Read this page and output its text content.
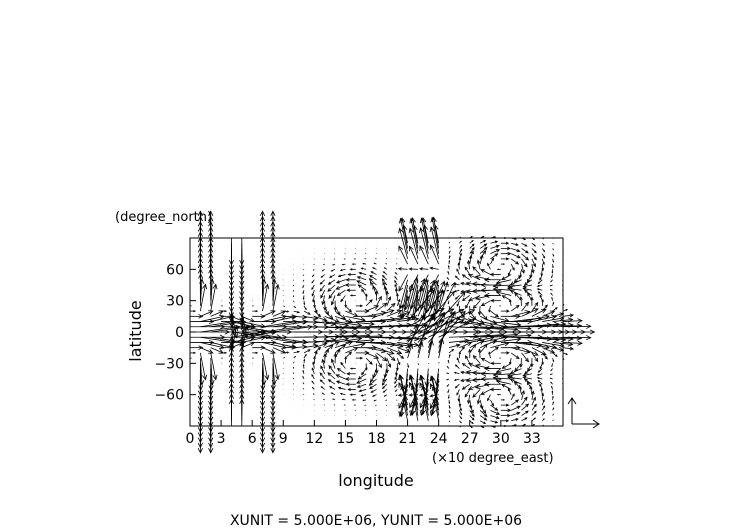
(degree_north)
latitude
(×10 degree_east)
longitude
XUNIT = 5.000E+06, YUNIT = 5.000E+06
0 3 6 9 12 15 18 21 24 27 30 33
60
30
0
−30
−60
